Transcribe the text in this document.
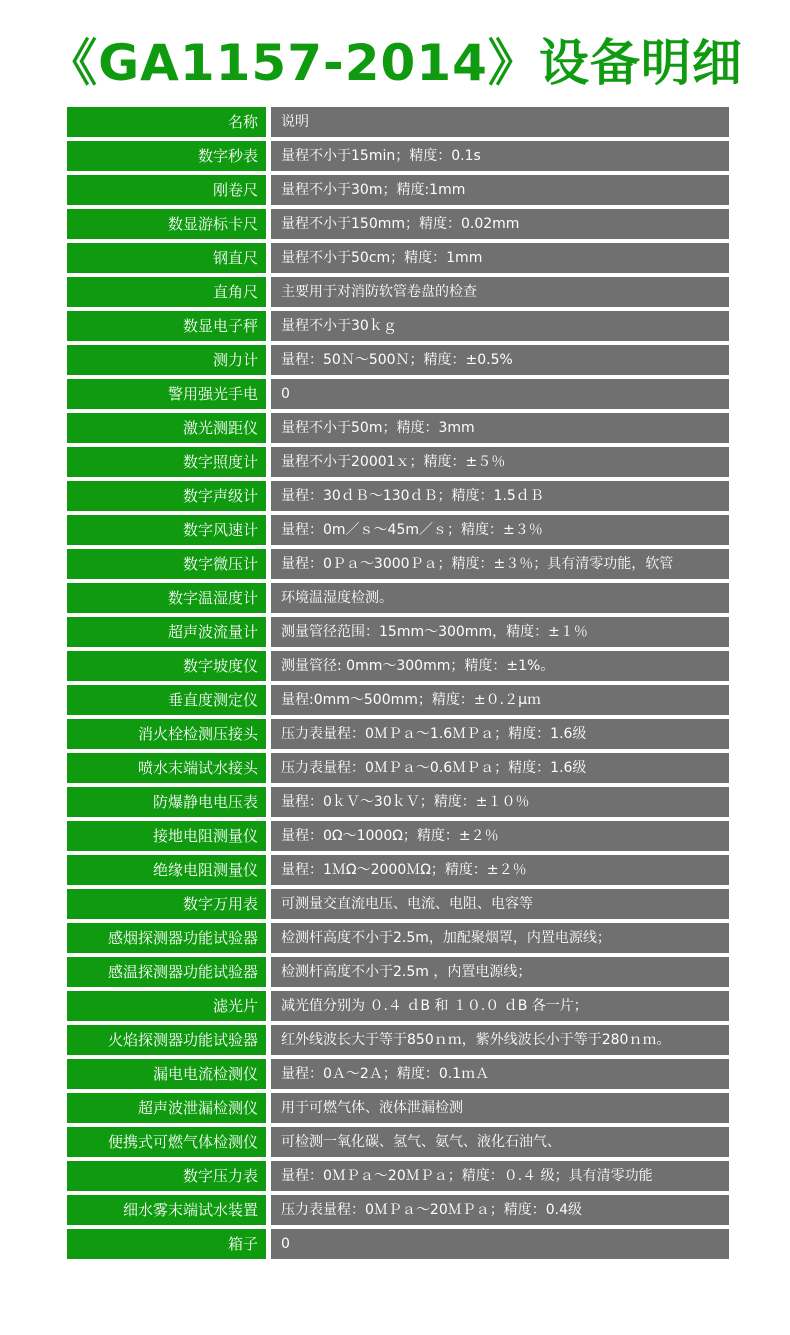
《GA1157-2014》设备明细
名称	说明
数字秒表	量程不小于15min；精度：0.1s
刚卷尺	量程不小于30m；精度:1mm
数显游标卡尺	量程不小于150mm；精度：0.02mm
钢直尺	量程不小于50cm；精度：1mm
直角尺	主要用于对消防软管卷盘的检查
数显电子秤	量程不小于30ｋｇ
测力计	量程：50Ｎ～500Ｎ；精度：±0.5%
警用强光手电	0
激光测距仪	量程不小于50m；精度：3mm
数字照度计	量程不小于20001ｘ；精度：±５％
数字声级计	量程：30ｄＢ～130ｄＢ；精度：1.5ｄＢ
数字风速计	量程：0m／ｓ～45m／ｓ；精度：±３％
数字微压计	量程：0Ｐａ～3000Ｐａ；精度：±３％；具有清零功能，软管
数字温湿度计	环境温湿度检测。
超声波流量计	测量管径范围：15mm～300mm，精度：±１％
数字坡度仪	测量管径: 0mm～300mm；精度：±1%。
垂直度测定仪	量程:0mm～500mm；精度：±０.２μｍ
消火栓检测压接头	压力表量程：0ＭＰａ～1.6ＭＰａ；精度：1.6级
喷水末端试水接头	压力表量程：0ＭＰａ～0.6ＭＰａ；精度：1.6级
防爆静电电压表	量程：0ｋＶ～30ｋＶ；精度：±１０％
接地电阻测量仪	量程：0Ω～1000Ω；精度：±２％
绝缘电阻测量仪	量程：1ＭΩ～2000ＭΩ；精度：±２％
数字万用表	可测量交直流电压、电流、电阻、电容等
感烟探测器功能试验器	检测杆高度不小于2.5m，加配聚烟罩，内置电源线；
感温探测器功能试验器	检测杆高度不小于2.5m ，内置电源线；
滤光片	减光值分别为 ０.４ ｄB 和 １０.０ ｄB 各一片；
火焰探测器功能试验器	红外线波长大于等于850ｎｍ，紫外线波长小于等于280ｎｍ。
漏电电流检测仪	量程：0Ａ～2Ａ；精度：0.1ｍＡ
超声波泄漏检测仪	用于可燃气体、液体泄漏检测
便携式可燃气体检测仪	可检测一氧化碳、氢气、氨气、液化石油气、
数字压力表	量程：0ＭＰａ～20ＭＰａ；精度：０.４ 级；具有清零功能
细水雾末端试水装置	压力表量程：0ＭＰａ～20ＭＰａ；精度：0.4级
箱子	0
